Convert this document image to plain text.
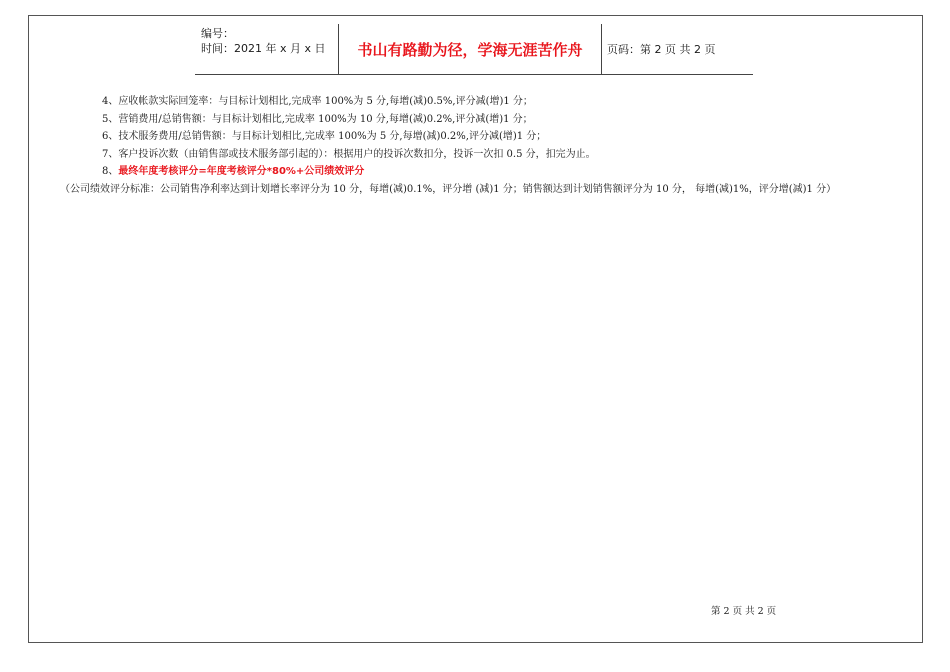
编号：
时间：2021 年 x 月 x 日	书山有路勤为径，学海无涯苦作舟	页码：第 2 页 共 2 页
4、应收帐款实际回笼率：与目标计划相比,完成率 100%为 5 分,每增(减)0.5%,评分减(增)1 分；
5、营销费用/总销售额：与目标计划相比,完成率 100%为 10 分,每增(减)0.2%,评分减(增)1 分；
6、技术服务费用/总销售额：与目标计划相比,完成率 100%为 5 分,每增(减)0.2%,评分减(增)1 分；
7、客户投诉次数（由销售部或技术服务部引起的）：根据用户的投诉次数扣分，投诉一次扣 0.5 分，扣完为止。
8、最终年度考核评分=年度考核评分*80%+公司绩效评分
（公司绩效评分标准：公司销售净利率达到计划增长率评分为 10 分，每增(减)0.1%，评分增 (减)1 分；销售额达到计划销售额评分为 10 分， 每增(减)1%，评分增(减)1 分）
第 2 页 共 2 页
